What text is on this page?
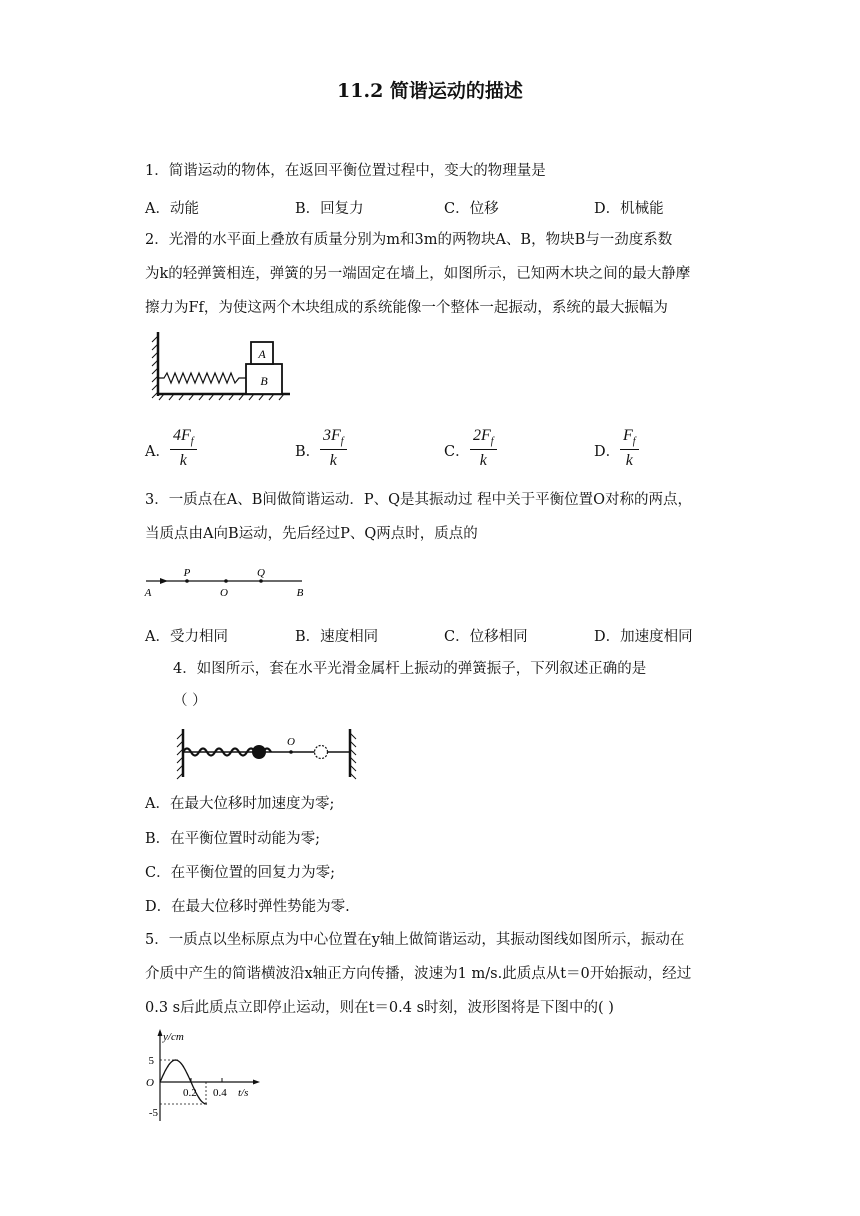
11.2 简谐运动的描述
1．简谐运动的物体，在返回平衡位置过程中，变大的物理量是
A．动能	B．回复力	C．位移	D．机械能
2．光滑的水平面上叠放有质量分别为m和3m的两物块A、B，物块B与一劲度系数
为k的轻弹簧相连，弹簧的另一端固定在墙上，如图所示，已知两木块之间的最大静摩
擦力为Ff，为使这两个木块组成的系统能像一个整体一起振动，系统的最大振幅为
A
B
A． $\frac{4F_f}{k}$	B． $\frac{3F_f}{k}$	C． $\frac{2F_f}{k}$	D． $\frac{F_f}{k}$
3．一质点在A、B间做简谐运动．P、Q是其振动过 程中关于平衡位置O对称的两点，
当质点由A向B运动，先后经过P、Q两点时，质点的
P	Q
A	O	B
A．受力相同	B．速度相同	C．位移相同	D．加速度相同
4．如图所示，套在水平光滑金属杆上振动的弹簧振子，下列叙述正确的是
（ ）
O
A．在最大位移时加速度为零;
B．在平衡位置时动能为零;
C．在平衡位置的回复力为零;
D．在最大位移时弹性势能为零.
5．一质点以坐标原点为中心位置在y轴上做简谐运动，其振动图线如图所示，振动在
介质中产生的简谐横波沿x轴正方向传播，波速为1 m/s.此质点从t＝0开始振动，经过
0.3 s后此质点立即停止运动，则在t＝0.4 s时刻，波形图将是下图中的( )
y/cm
5
O
-5
0.2 0.4 t/s
